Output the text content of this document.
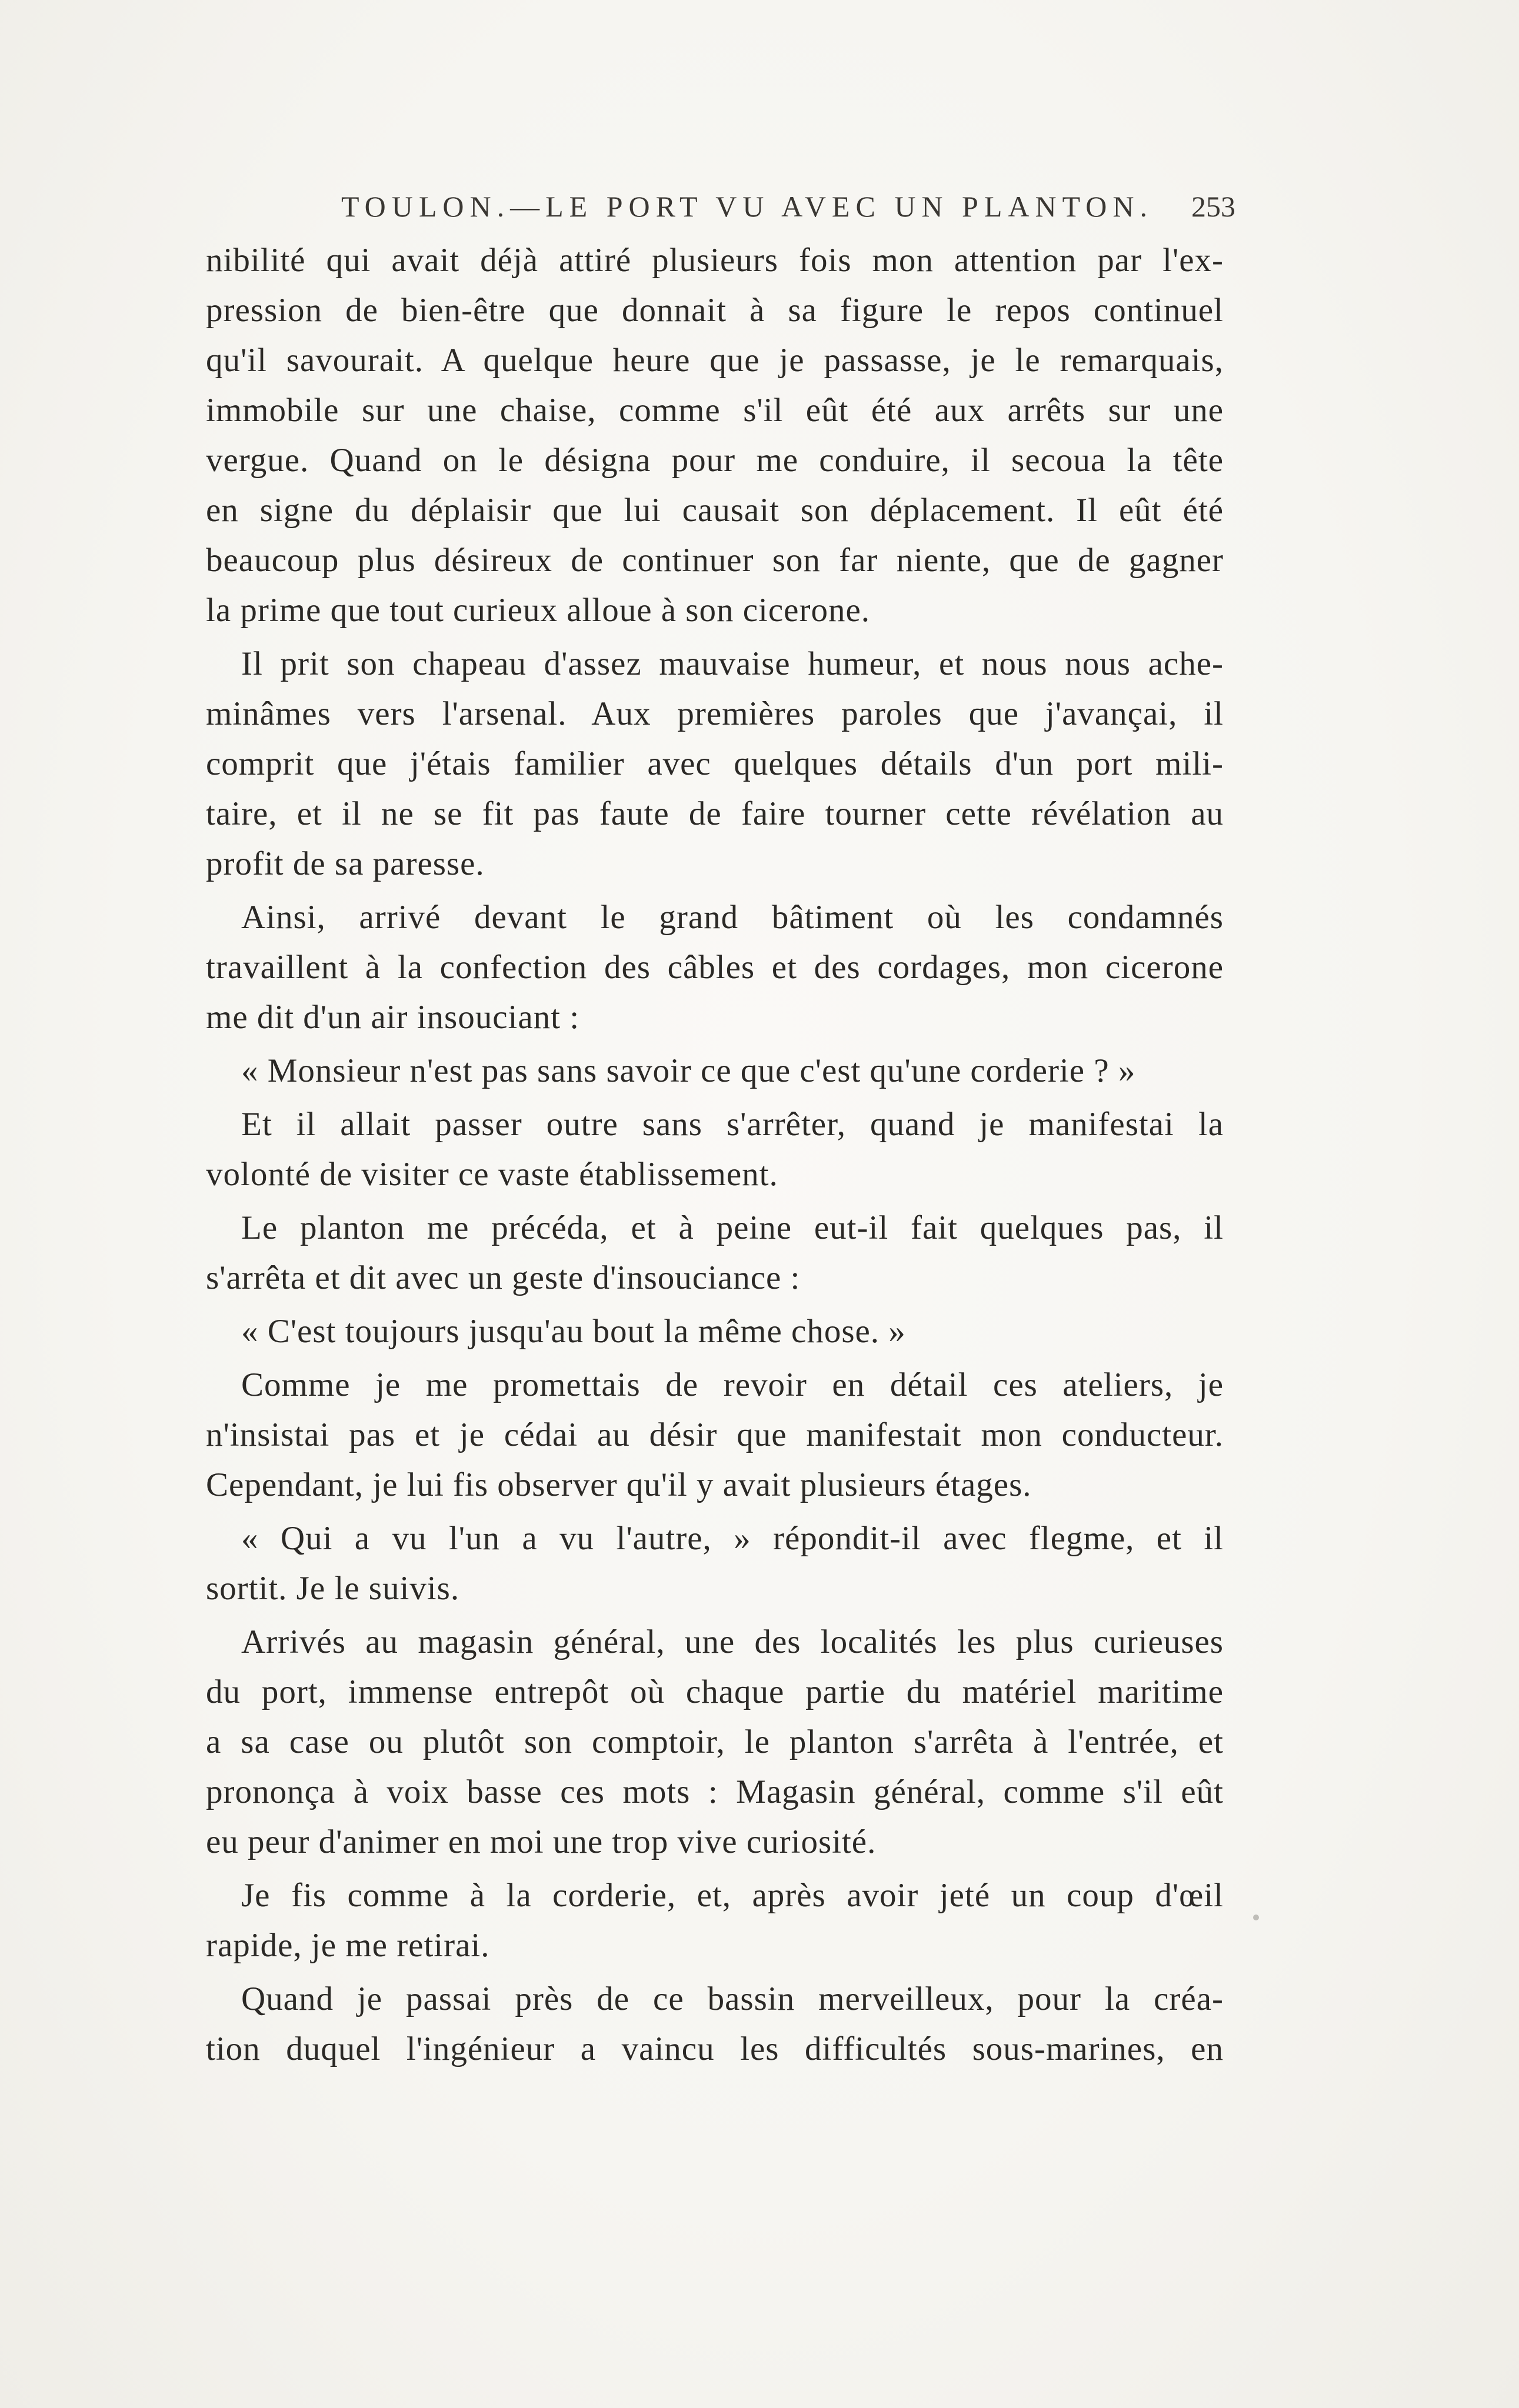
TOULON.—LE PORT VU AVEC UN PLANTON. 253
nibilité qui avait déjà attiré plusieurs fois mon attention par l'ex-
pression de bien-être que donnait à sa figure le repos continuel
qu'il savourait. A quelque heure que je passasse, je le remarquais,
immobile sur une chaise, comme s'il eût été aux arrêts sur une
vergue. Quand on le désigna pour me conduire, il secoua la tête
en signe du déplaisir que lui causait son déplacement. Il eût été
beaucoup plus désireux de continuer son far niente, que de gagner
la prime que tout curieux alloue à son cicerone.
Il prit son chapeau d'assez mauvaise humeur, et nous nous ache-
minâmes vers l'arsenal. Aux premières paroles que j'avançai, il
comprit que j'étais familier avec quelques détails d'un port mili-
taire, et il ne se fit pas faute de faire tourner cette révélation au
profit de sa paresse.
Ainsi, arrivé devant le grand bâtiment où les condamnés
travaillent à la confection des câbles et des cordages, mon cicerone
me dit d'un air insouciant :
« Monsieur n'est pas sans savoir ce que c'est qu'une corderie ? »
Et il allait passer outre sans s'arrêter, quand je manifestai la
volonté de visiter ce vaste établissement.
Le planton me précéda, et à peine eut-il fait quelques pas, il
s'arrêta et dit avec un geste d'insouciance :
« C'est toujours jusqu'au bout la même chose. »
Comme je me promettais de revoir en détail ces ateliers, je
n'insistai pas et je cédai au désir que manifestait mon conducteur.
Cependant, je lui fis observer qu'il y avait plusieurs étages.
« Qui a vu l'un a vu l'autre, » répondit-il avec flegme, et il
sortit. Je le suivis.
Arrivés au magasin général, une des localités les plus curieuses
du port, immense entrepôt où chaque partie du matériel maritime
a sa case ou plutôt son comptoir, le planton s'arrêta à l'entrée, et
prononça à voix basse ces mots : Magasin général, comme s'il eût
eu peur d'animer en moi une trop vive curiosité.
Je fis comme à la corderie, et, après avoir jeté un coup d'œil
rapide, je me retirai.
Quand je passai près de ce bassin merveilleux, pour la créa-
tion duquel l'ingénieur a vaincu les difficultés sous-marines, en
